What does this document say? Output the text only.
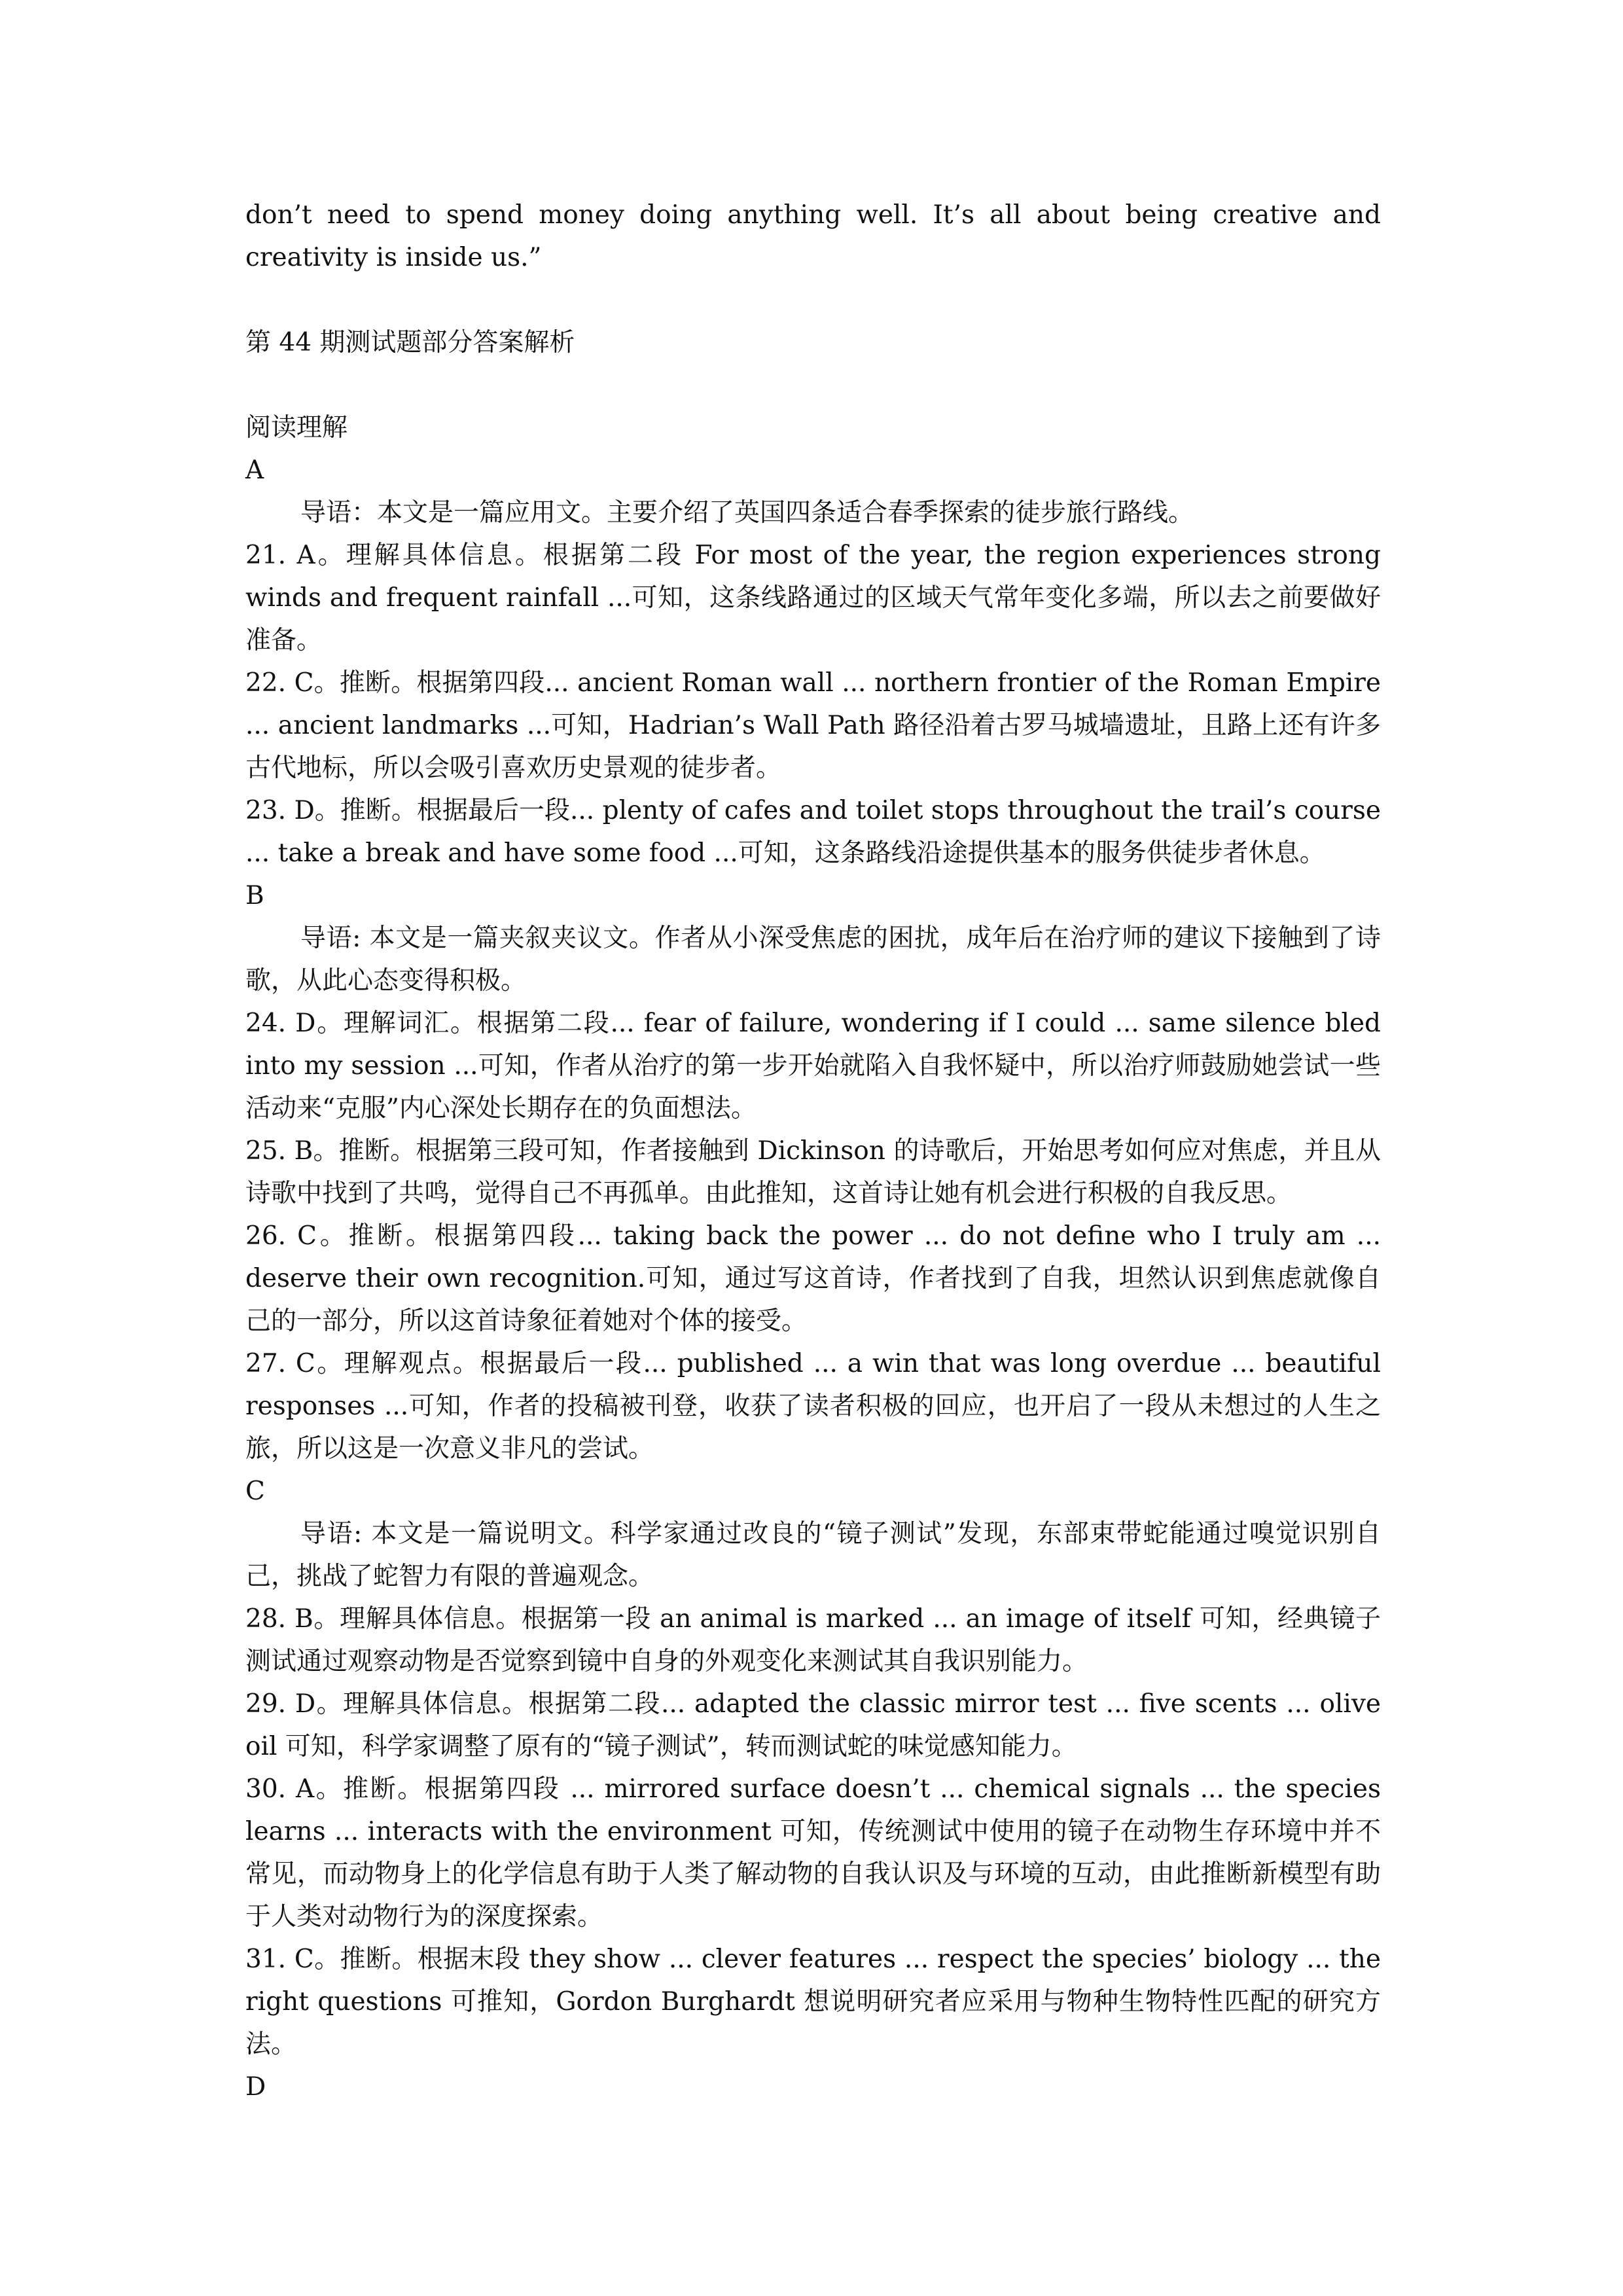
don’t need to spend money doing anything well. It’s all about being creative and creativity is inside us.”

第 44 期测试题部分答案解析

阅读理解

A

导语：本文是一篇应用文。主要介绍了英国四条适合春季探索的徒步旅行路线。

21. A。理解具体信息。根据第二段 For most of the year, the region experiences strong winds and frequent rainfall ...可知，这条线路通过的区域天气常年变化多端，所以去之前要做好准备。

22. C。推断。根据第四段... ancient Roman wall ... northern frontier of the Roman Empire ... ancient landmarks ...可知，Hadrian’s Wall Path 路径沿着古罗马城墙遗址，且路上还有许多古代地标，所以会吸引喜欢历史景观的徒步者。

23. D。推断。根据最后一段... plenty of cafes and toilet stops throughout the trail’s course ... take a break and have some food ...可知，这条路线沿途提供基本的服务供徒步者休息。

B

导语: 本文是一篇夹叙夹议文。作者从小深受焦虑的困扰，成年后在治疗师的建议下接触到了诗歌，从此心态变得积极。

24. D。理解词汇。根据第二段... fear of failure, wondering if I could ... same silence bled into my session ...可知，作者从治疗的第一步开始就陷入自我怀疑中，所以治疗师鼓励她尝试一些活动来“克服”内心深处长期存在的负面想法。

25. B。推断。根据第三段可知，作者接触到 Dickinson 的诗歌后，开始思考如何应对焦虑，并且从诗歌中找到了共鸣，觉得自己不再孤单。由此推知，这首诗让她有机会进行积极的自我反思。

26. C。推断。根据第四段... taking back the power ... do not define who I truly am ... deserve their own recognition.可知，通过写这首诗，作者找到了自我，坦然认识到焦虑就像自己的一部分，所以这首诗象征着她对个体的接受。

27. C。理解观点。根据最后一段... published ... a win that was long overdue ... beautiful responses ...可知，作者的投稿被刊登，收获了读者积极的回应，也开启了一段从未想过的人生之旅，所以这是一次意义非凡的尝试。

C

导语: 本文是一篇说明文。科学家通过改良的“镜子测试”发现，东部束带蛇能通过嗅觉识别自己，挑战了蛇智力有限的普遍观念。

28. B。理解具体信息。根据第一段 an animal is marked ... an image of itself 可知，经典镜子测试通过观察动物是否觉察到镜中自身的外观变化来测试其自我识别能力。

29. D。理解具体信息。根据第二段... adapted the classic mirror test ... five scents ... olive oil 可知，科学家调整了原有的“镜子测试”，转而测试蛇的味觉感知能力。

30. A。推断。根据第四段 ... mirrored surface doesn’t ... chemical signals ... the species learns ... interacts with the environment 可知，传统测试中使用的镜子在动物生存环境中并不常见，而动物身上的化学信息有助于人类了解动物的自我认识及与环境的互动，由此推断新模型有助于人类对动物行为的深度探索。

31. C。推断。根据末段 they show ... clever features ... respect the species’ biology ... the right questions 可推知，Gordon Burghardt 想说明研究者应采用与物种生物特性匹配的研究方法。

D
